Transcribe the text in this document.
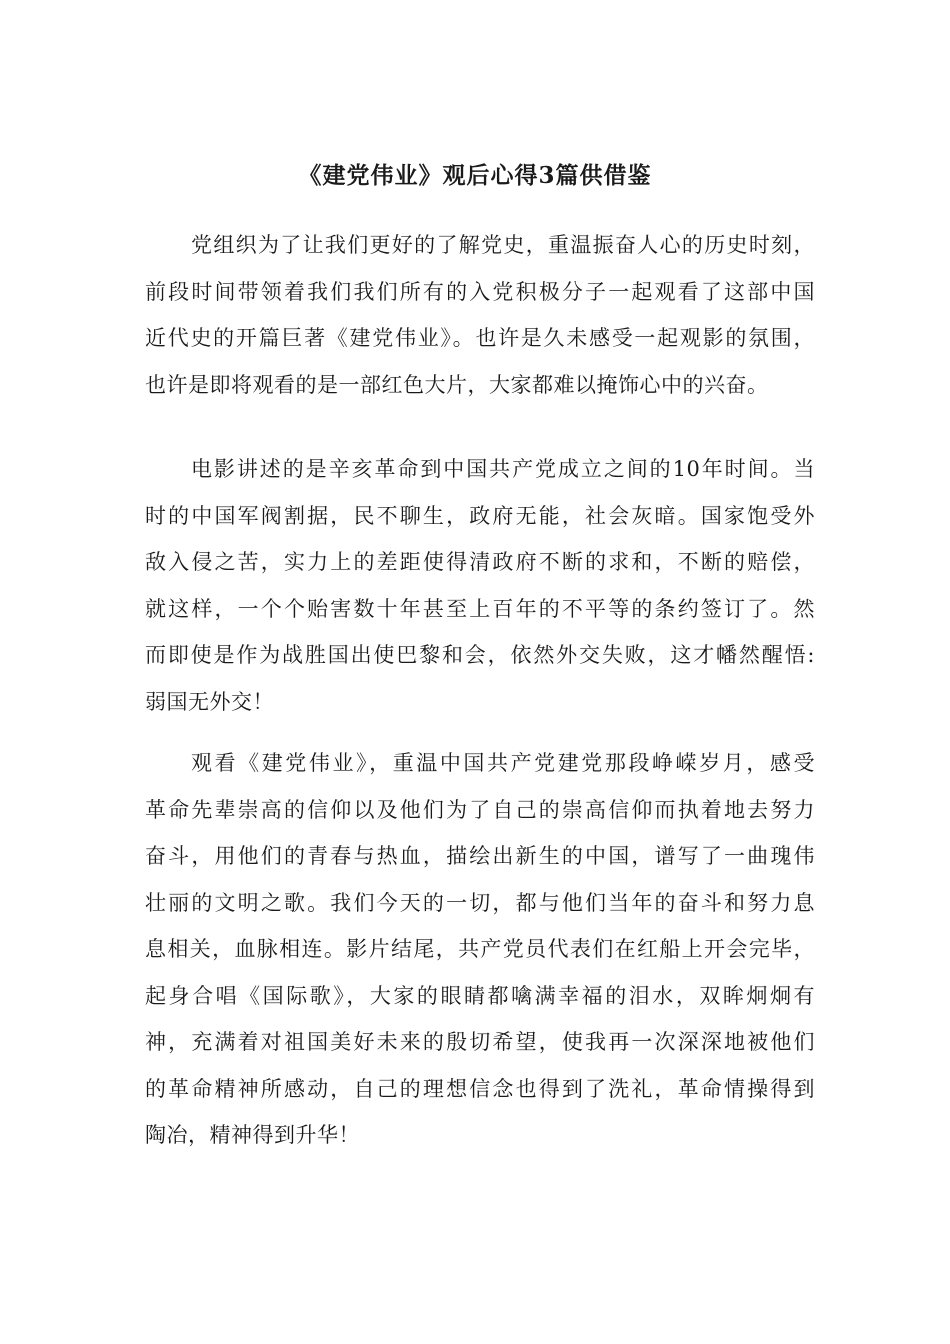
《建党伟业》观后心得3篇供借鉴
党组织为了让我们更好的了解党史，重温振奋人心的历史时刻，
前段时间带领着我们我们所有的入党积极分子一起观看了这部中国
近代史的开篇巨著《建党伟业》。也许是久未感受一起观影的氛围，
也许是即将观看的是一部红色大片，大家都难以掩饰心中的兴奋。
电影讲述的是辛亥革命到中国共产党成立之间的10年时间。当
时的中国军阀割据，民不聊生，政府无能，社会灰暗。国家饱受外
敌入侵之苦，实力上的差距使得清政府不断的求和，不断的赔偿，
就这样，一个个贻害数十年甚至上百年的不平等的条约签订了。然
而即使是作为战胜国出使巴黎和会，依然外交失败，这才幡然醒悟:
弱国无外交！
观看《建党伟业》，重温中国共产党建党那段峥嵘岁月，感受
革命先辈崇高的信仰以及他们为了自己的崇高信仰而执着地去努力
奋斗，用他们的青春与热血，描绘出新生的中国，谱写了一曲瑰伟
壮丽的文明之歌。我们今天的一切，都与他们当年的奋斗和努力息
息相关，血脉相连。影片结尾，共产党员代表们在红船上开会完毕，
起身合唱《国际歌》，大家的眼睛都噙满幸福的泪水，双眸炯炯有
神，充满着对祖国美好未来的殷切希望，使我再一次深深地被他们
的革命精神所感动，自己的理想信念也得到了洗礼，革命情操得到
陶冶，精神得到升华！
